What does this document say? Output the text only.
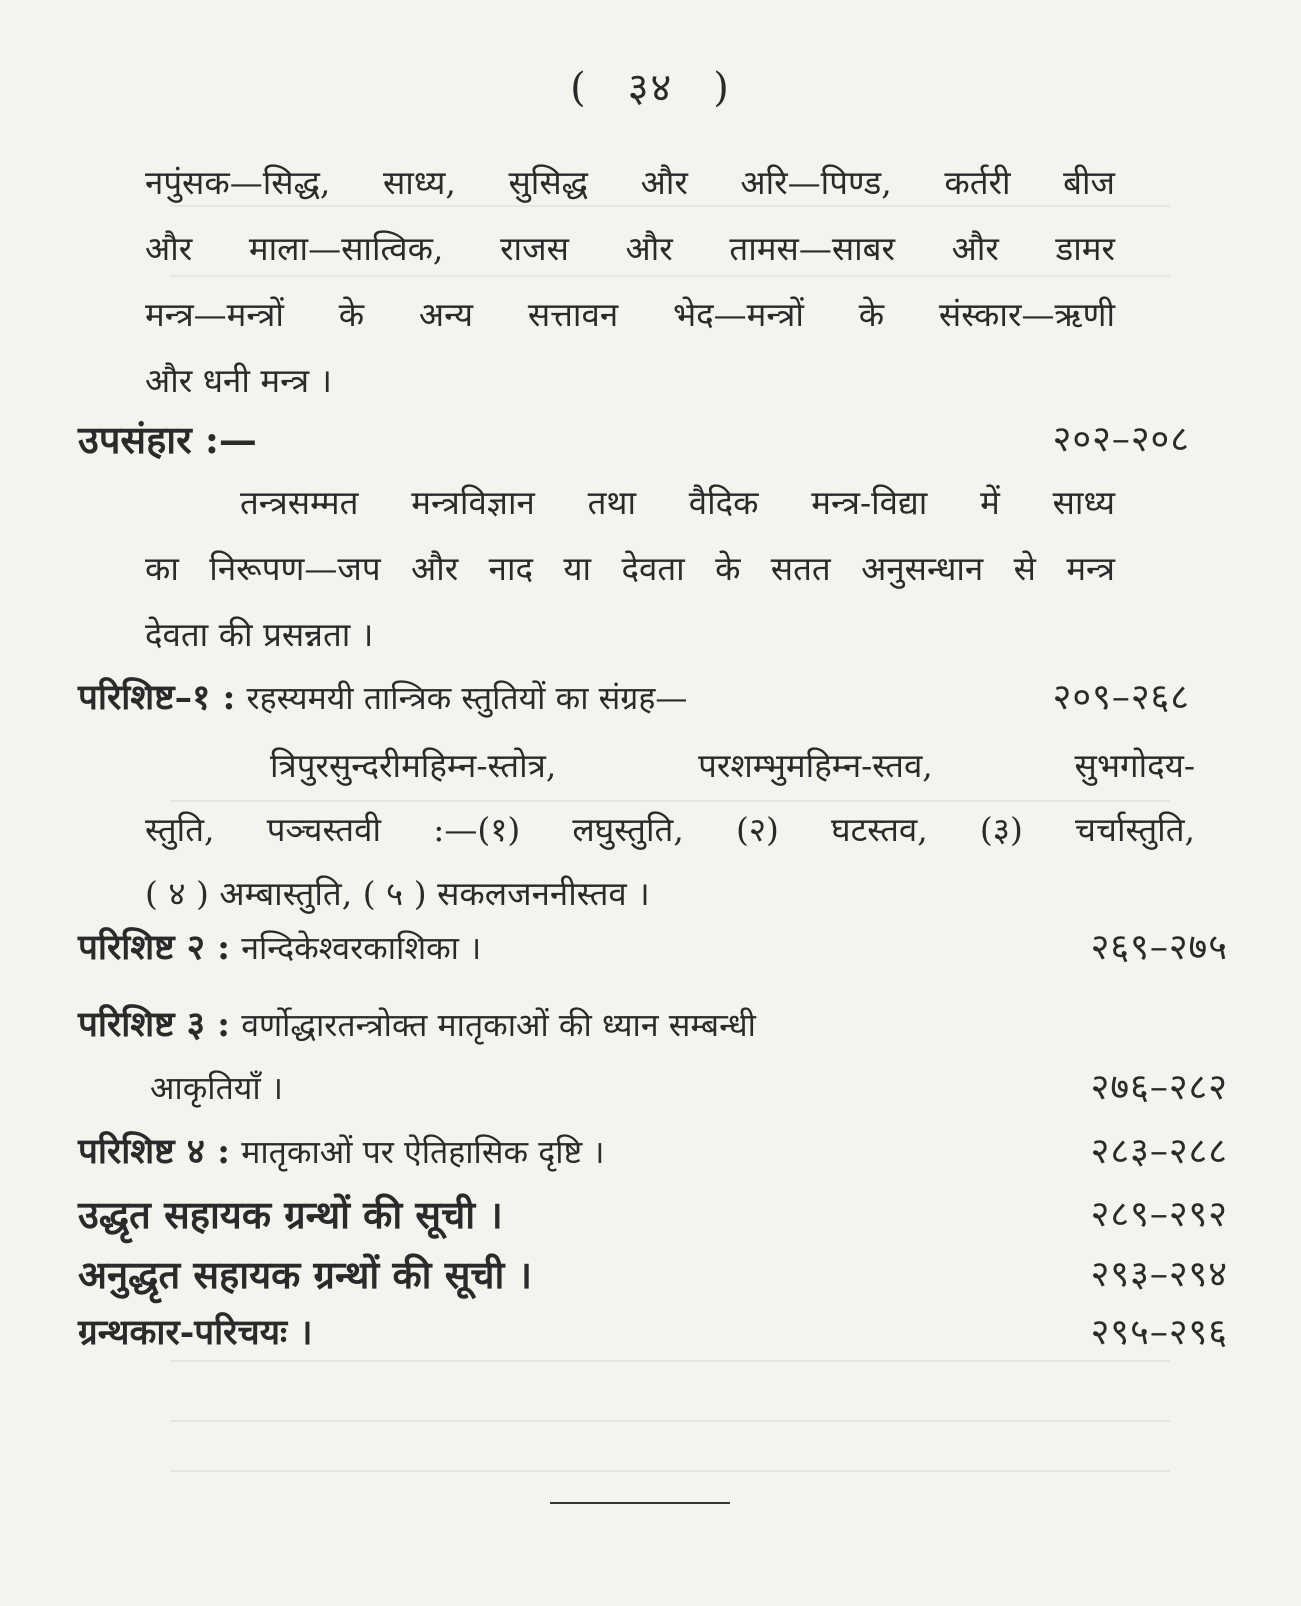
( ३४ )
नपुंसक—सिद्ध, साध्य, सुसिद्ध और अरि—पिण्ड, कर्तरी बीज
और माला—सात्विक, राजस और तामस—साबर और डामर
मन्त्र—मन्त्रों के अन्य सत्तावन भेद—मन्त्रों के संस्कार—ऋणी
और धनी मन्त्र ।
उपसंहार :—	२०२–२०८
तन्त्रसम्मत मन्त्रविज्ञान तथा वैदिक मन्त्र-विद्या में साध्य
का निरूपण—जप और नाद या देवता के सतत अनुसन्धान से मन्त्र
देवता की प्रसन्नता ।
परिशिष्ट–१ : रहस्यमयी तान्त्रिक स्तुतियों का संग्रह—	२०९–२६८
त्रिपुरसुन्दरीमहिम्न-स्तोत्र, परशम्भुमहिम्न-स्तव, सुभगोदय-
स्तुति, पञ्चस्तवी :—(१) लघुस्तुति, (२) घटस्तव, (३) चर्चास्तुति,
( ४ ) अम्बास्तुति, ( ५ ) सकलजननीस्तव ।
परिशिष्ट २ : नन्दिकेश्वरकाशिका ।	२६९–२७५
परिशिष्ट ३ : वर्णोद्धारतन्त्रोक्त मातृकाओं की ध्यान सम्बन्धी
आकृतियाँ ।	२७६–२८२
परिशिष्ट ४ : मातृकाओं पर ऐतिहासिक दृष्टि ।	२८३–२८८
उद्धृत सहायक ग्रन्थों की सूची ।	२८९–२९२
अनुद्धृत सहायक ग्रन्थों की सूची ।	२९३–२९४
ग्रन्थकार-परिचयः ।	२९५–२९६
